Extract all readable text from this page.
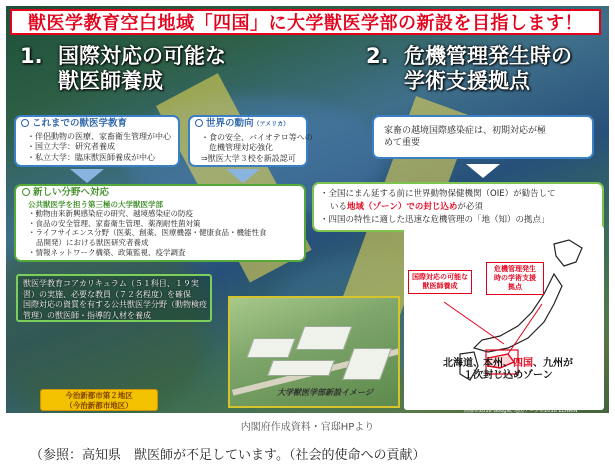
獣医学教育空白地域「四国」に大学獣医学部の新設を目指します！
1. 国際対応の可能な
獣医師養成
2. 危機管理発生時の
学術支援拠点
これまでの獣医学教育

・ 伴侶動物の医療、家畜衛生管理が中心

・ 国立大学：研究者養成

・ 私立大学：臨床獣医師養成が中心

世界の動向（アメリカ）

・ 食の安全、バイオテロ等への

危機管理対応強化

⇒獣医大学３校を新設認可

新しい分野へ対応

公共獣医学を担う第三極の大学獣医学部

・ 動物由来新興感染症の研究、越境感染症の防疫

・ 食品の安全管理、家畜衛生管理、薬剤耐性菌対策

・ ライフサイエンス分野（医薬、創薬、医療機器・健康食品・機能性食

品開発）における獣医研究者養成

・ 情報ネットワーク構築、政策監視、疫学調査

家畜の越境国際感染症は、初期対応が極

めて重要

・ 全国にまん延する前に世界動物保健機関（OIE）が勧告して

いる地域（ゾーン）での封じ込めが必須

・ 四国の特性に適した迅速な危機管理の「地（知）の拠点」

獣医学教育コアカリキュラム（５１科目、１９実

習）の実施、必要な教員（７２名程度）を確保

国際対応の資質を有する公共獣医学分野（動物検疫

管理）の獣医師・指導的人材を養成

今治新都市第２地区
（今治新都市地区）
大学獣医学部新設イメージ
国際対応の可能な
獣医師養成
危機管理発生
時の学術支援
拠点
北海道、本州、四国、九州が
１次封じ込めゾーン
画像©2016 Google, 地図データ©2016 ZENRIN	3
内閣府作成資料・官邸HPより
（参照：高知県　獣医師が不足しています。（社会的使命への貢献）
